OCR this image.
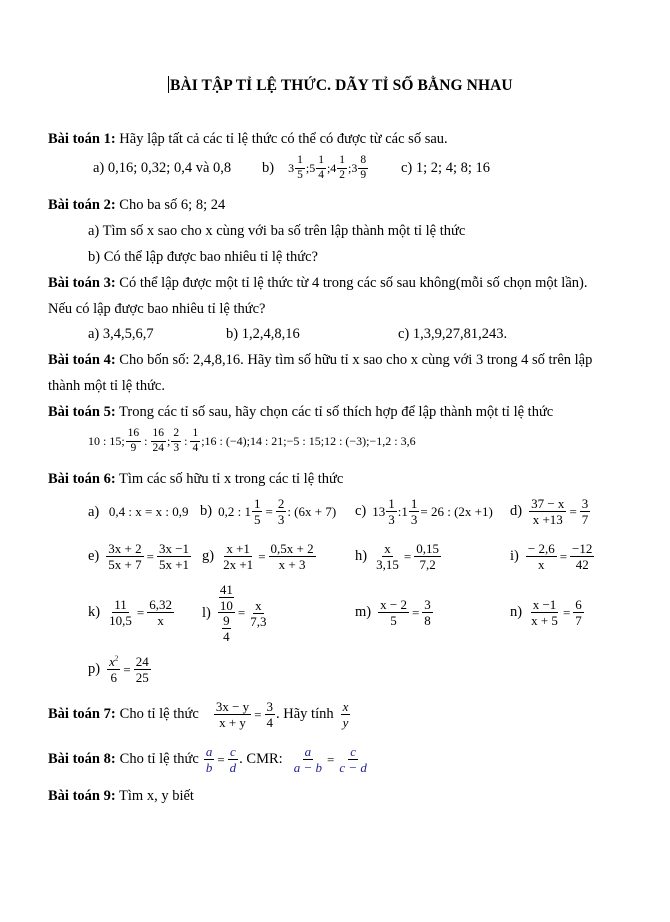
BÀI TẬP TỈ LỆ THỨC. DÃY TỈ SỐ BẰNG NHAU
Bài toán 1: Hãy lập tất cả các tỉ lệ thức có thể có được từ các số sau.
a) 0,16; 0,32; 0,4 và 0,8 b) 3
1
5 ; 5
1
4 ; 4
1
2 ; 3
8
9 c) 1; 2; 4; 8; 16
Bài toán 2: Cho ba số 6; 8; 24
a) Tìm số x sao cho x cùng với ba số trên lập thành một tỉ lệ thức
b) Có thể lập được bao nhiêu tỉ lệ thức?
Bài toán 3: Có thể lập được một tỉ lệ thức từ 4 trong các số sau không(mỗi số chọn một lần).
Nếu có lập được bao nhiêu tỉ lệ thức?
a) 3,4,5,6,7	b) 1,2,4,8,16	c) 1,3,9,27,81,243.
Bài toán 4: Cho bốn số: 2,4,8,16. Hãy tìm số hữu tỉ x sao cho x cùng với 3 trong 4 số trên lập
thành một tỉ lệ thức.
Bài toán 5: Trong các tỉ số sau, hãy chọn các tỉ số thích hợp để lập thành một tỉ lệ thức
10 : 15;
16
9 :
16
24 ;
2
3 :
1
4 ;16 : (−4);14 : 21;−5 : 15;12 : (−3);−1,2 : 3,6
Bài toán 6: Tìm các số hữu tỉ x trong các tỉ lệ thức
a) 0,4 : x = x : 0,9 b) 0,2 : $1 \frac{1}{5} = \frac{2}{3}$ : (6x + 7) c) 13 1
3
:1 $\frac{1}{3} = 26$ : (2x +1) $d) \frac{37 - x}{x +13} = \frac{3}{7}$
$e) \frac{3x + 2}{5x + 7} = \frac{3x -1}{5x +1} g) \frac{x +1}{2x +1} = \frac{0,5x + 2}{x + 3}$	$h) \frac{x}{3,15} = \frac{0,15}{7,2}$	$i) \frac{- 2,6}{x} = \frac{-12}{42}$
$k) \frac{11}{10,5} = \frac{6,32}{x} l$) 41
10
9
$4 = \frac{x}{7,3}$	$m) \frac{x - 2}{5} = \frac{3}{8}$	$n) \frac{x -1}{x + 5} = \frac{6}{7}$
$p) \frac{x^2}{6} = \frac{24}{25}$
Bài toán 7: Cho tỉ lệ thức $\frac{3x - y}{x + y} = \frac{3}{4}$ . Hãy tính x
y
Bài toán 8: Cho tỉ lệ thức $\frac{a}{b} = \frac{c}{d}$ . CMR: $\frac{a}{a - b} = \frac{c}{c - d}$
Bài toán 9: Tìm x, y biết
